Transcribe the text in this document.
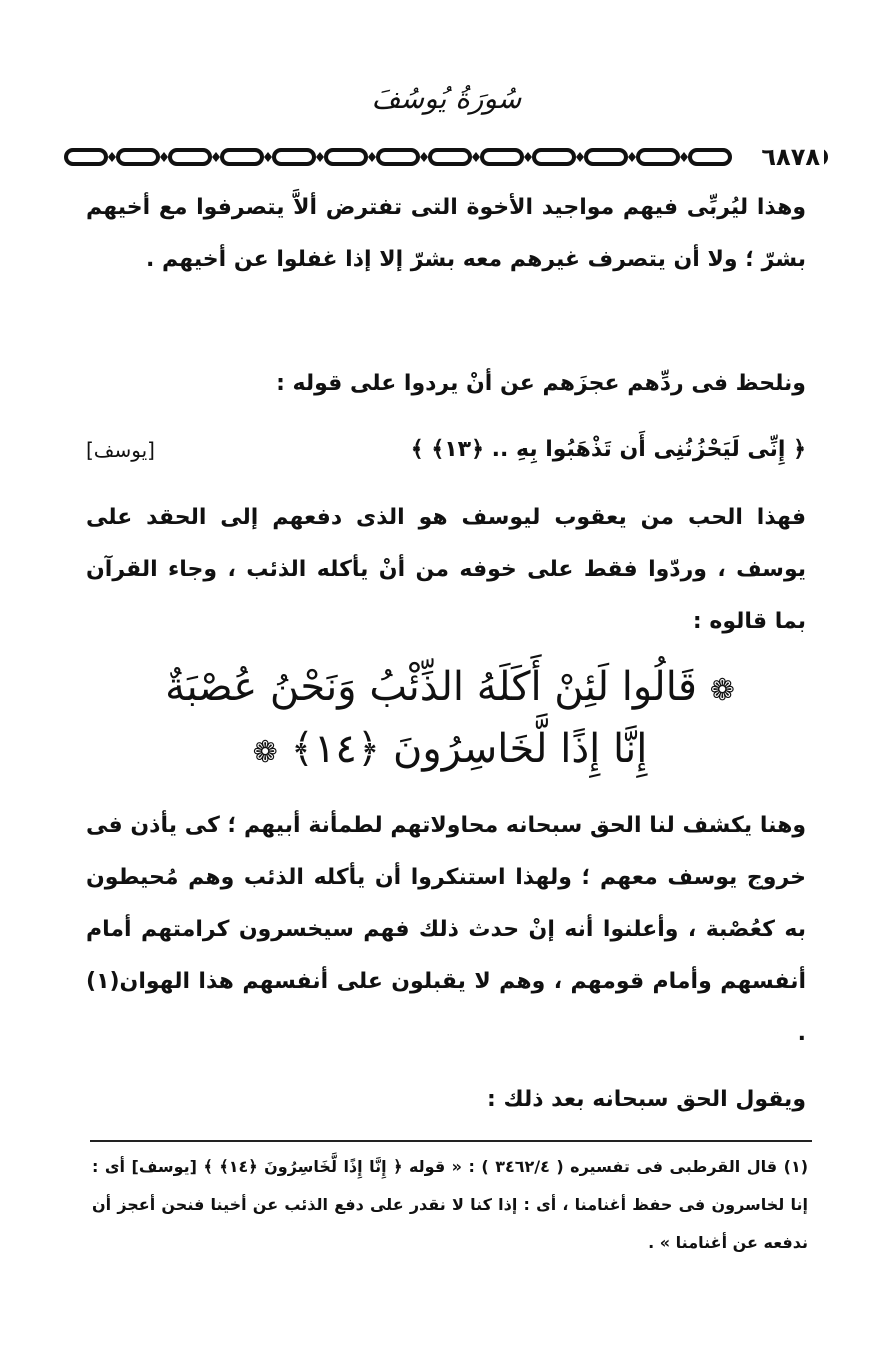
سُورَةُ يُوسُفَ
٦٨٧٨
وهذا ليُربِّى فيهم مواجيد الأخوة التى تفترض ألاَّ يتصرفوا مع أخيهم بشرّ ؛ ولا أن يتصرف غيرهم معه بشرّ إلا إذا غفلوا عن أخيهم .
ونلحظ فى ردِّهم عجزَهم عن أنْ يردوا على قوله :
﴿ إِنِّى لَيَحْزُنُنِى أَن تَذْهَبُوا بِهِ .. ﴿١٣﴾ ﴾
[يوسف]
فهذا الحب من يعقوب ليوسف هو الذى دفعهم إلى الحقد على يوسف ، وردّوا فقط على خوفه من أنْ يأكله الذئب ، وجاء القرآن بما قالوه :
❁ قَالُوا لَئِنْ أَكَلَهُ الذِّئْبُ وَنَحْنُ عُصْبَةٌ إِنَّا إِذًا لَّخَاسِرُونَ ﴿١٤﴾ ❁
وهنا يكشف لنا الحق سبحانه محاولاتهم لطمأنة أبيهم ؛ كى يأذن فى خروج يوسف معهم ؛ ولهذا استنكروا أن يأكله الذئب وهم مُحيطون به كعُصْبة ، وأعلنوا أنه إنْ حدث ذلك فهم سيخسرون كرامتهم أمام أنفسهم وأمام قومهم ، وهم لا يقبلون على أنفسهم هذا الهوان(١) .
ويقول الحق سبحانه بعد ذلك :
(١) قال القرطبى فى تفسيره ( ٣٤٦٢/٤ ) : « قوله ﴿ إِنَّا إِذًا لَّخَاسِرُونَ ﴿١٤﴾ ﴾ [يوسف] أى : إنا لخاسرون فى حفظ أغنامنا ، أى : إذا كنا لا نقدر على دفع الذئب عن أخينا فنحن أعجز أن ندفعه عن أغنامنا » .
